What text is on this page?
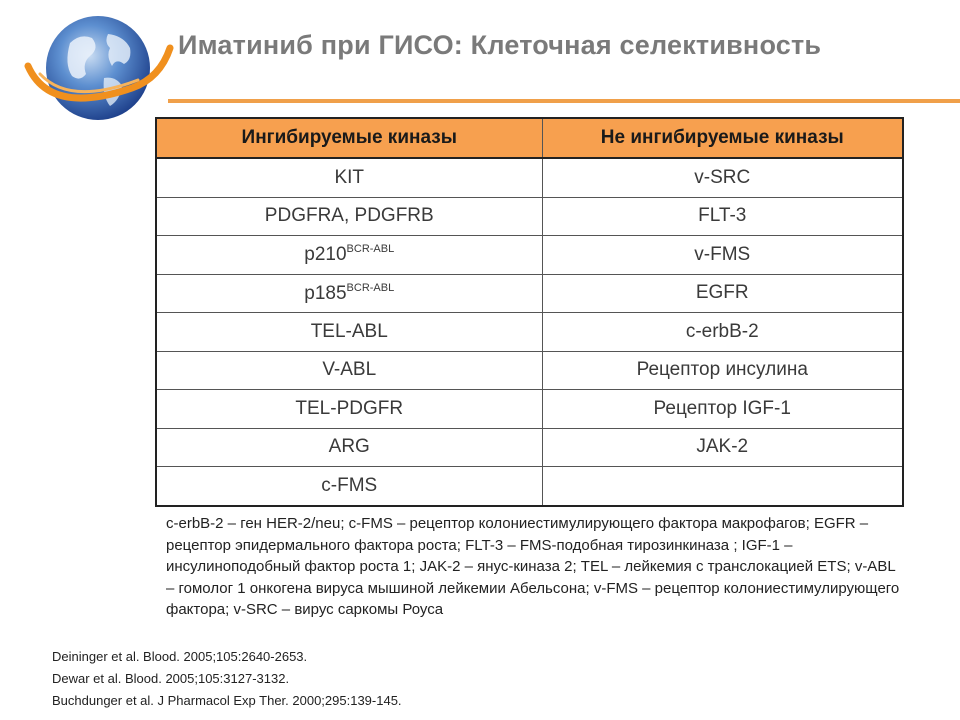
Иматиниб при ГИСО: Клеточная селективность
Ингибируемые киназы	Не ингибируемые киназы
KIT	v-SRC
PDGFRA, PDGFRB	FLT-3
$p210^{BCR-ABL}$	v-FMS
$p185^{BCR-ABL}$	EGFR
TEL-ABL	c-erbB-2
V-ABL	Рецептор инсулина
TEL-PDGFR	Рецептор IGF-1
ARG	JAK-2
c-FMS	
c-erbB-2 – ген HER-2/neu; c-FMS – рецептор колониестимулирующего фактора макрофагов; EGFR – рецептор эпидермального фактора роста; FLT-3 – FMS-подобная тирозинкиназа ; IGF-1 – инсулиноподобный фактор роста 1; JAK-2 – янус-киназа 2; TEL – лейкемия с транслокацией ETS; v-ABL – гомолог 1 онкогена вируса мышиной лейкемии Абельсона; v-FMS – рецептор колониестимулирующего фактора; v-SRC – вирус саркомы Роуса
Deininger et al. Blood. 2005;105:2640-2653.
Dewar et al. Blood. 2005;105:3127-3132.
Buchdunger et al. J Pharmacol Exp Ther. 2000;295:139-145.
